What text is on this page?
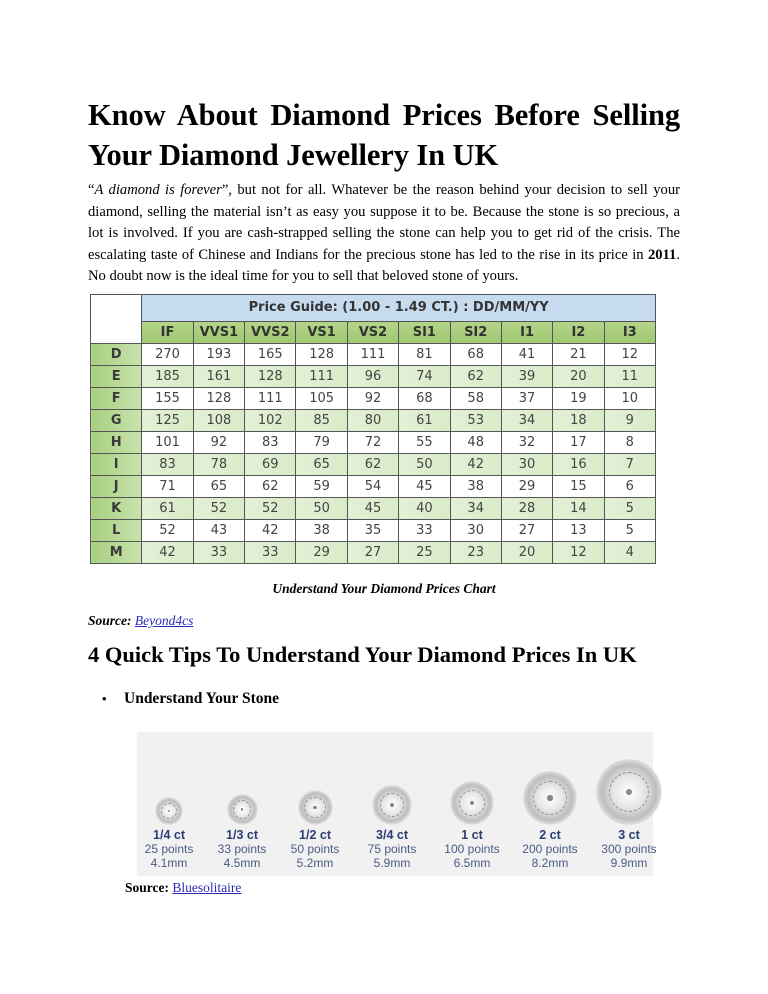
Know About Diamond Prices Before Selling Your Diamond Jewellery In UK

“A diamond is forever”, but not for all. Whatever be the reason behind your decision to sell your diamond, selling the material isn’t as easy you suppose it to be. Because the stone is so precious, a lot is involved. If you are cash-strapped selling the stone can help you to get rid of the crisis. The escalating taste of Chinese and Indians for the precious stone has led to the rise in its price in 2011. No doubt now is the ideal time for you to sell that beloved stone of yours.

	Price Guide: (1.00 - 1.49 CT.) : DD/MM/YY									
	IF	VVS1	VVS2	VS1	VS2	SI1	SI2	I1	I2	I3
D	270	193	165	128	111	81	68	41	21	12
E	185	161	128	111	96	74	62	39	20	11
F	155	128	111	105	92	68	58	37	19	10
G	125	108	102	85	80	61	53	34	18	9
H	101	92	83	79	72	55	48	32	17	8
I	83	78	69	65	62	50	42	30	16	7
J	71	65	62	59	54	45	38	29	15	6
K	61	52	52	50	45	40	34	28	14	5
L	52	43	42	38	35	33	30	27	13	5
M	42	33	33	29	27	25	23	20	12	4
Understand Your Diamond Prices Chart
Source: Beyond4cs
4 Quick Tips To Understand Your Diamond Prices In UK
• Understand Your Stone
1/4 ct
25 points
4.1mm
1/3 ct
33 points
4.5mm
1/2 ct
50 points
5.2mm
3/4 ct
75 points
5.9mm
1 ct
100 points
6.5mm
2 ct
200 points
8.2mm
3 ct
300 points
9.9mm
Source: Bluesolitaire
